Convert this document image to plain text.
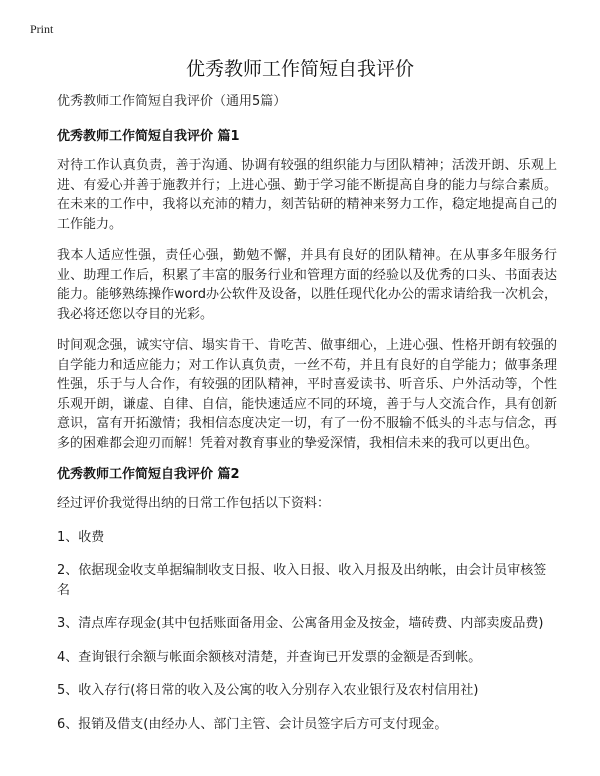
Print
优秀教师工作简短自我评价

优秀教师工作简短自我评价（通用5篇）

优秀教师工作简短自我评价 篇1

对待工作认真负责，善于沟通、协调有较强的组织能力与团队精神；活泼开朗、乐观上进、有爱心并善于施教并行；上进心强、勤于学习能不断提高自身的能力与综合素质。在未来的工作中，我将以充沛的精力，刻苦钻研的精神来努力工作，稳定地提高自己的工作能力。

我本人适应性强，责任心强，勤勉不懈，并具有良好的团队精神。在从事多年服务行业、助理工作后，积累了丰富的服务行业和管理方面的经验以及优秀的口头、书面表达能力。能够熟练操作word办公软件及设备，以胜任现代化办公的需求请给我一次机会，我必将还您以夺目的光彩。

时间观念强，诚实守信、塌实肯干、肯吃苦、做事细心，上进心强、性格开朗有较强的自学能力和适应能力；对工作认真负责，一丝不苟，并且有良好的自学能力；做事条理性强，乐于与人合作，有较强的团队精神，平时喜爱读书、听音乐、户外活动等，个性乐观开朗，谦虚、自律、自信，能快速适应不同的环境，善于与人交流合作，具有创新意识，富有开拓激情；我相信态度决定一切，有了一份不服输不低头的斗志与信念，再多的困难都会迎刃而解！凭着对教育事业的挚爱深情，我相信未来的我可以更出色。

优秀教师工作简短自我评价 篇2

经过评价我觉得出纳的日常工作包括以下资料：

1、收费

2、依据现金收支单据编制收支日报、收入日报、收入月报及出纳帐，由会计员审核签名

3、清点库存现金(其中包括账面备用金、公寓备用金及按金，墙砖费、内部卖废品费)

4、查询银行余额与帐面余额核对清楚，并查询已开发票的金额是否到帐。

5、收入存行(将日常的收入及公寓的收入分别存入农业银行及农村信用社)

6、报销及借支(由经办人、部门主管、会计员签字后方可支付现金。
